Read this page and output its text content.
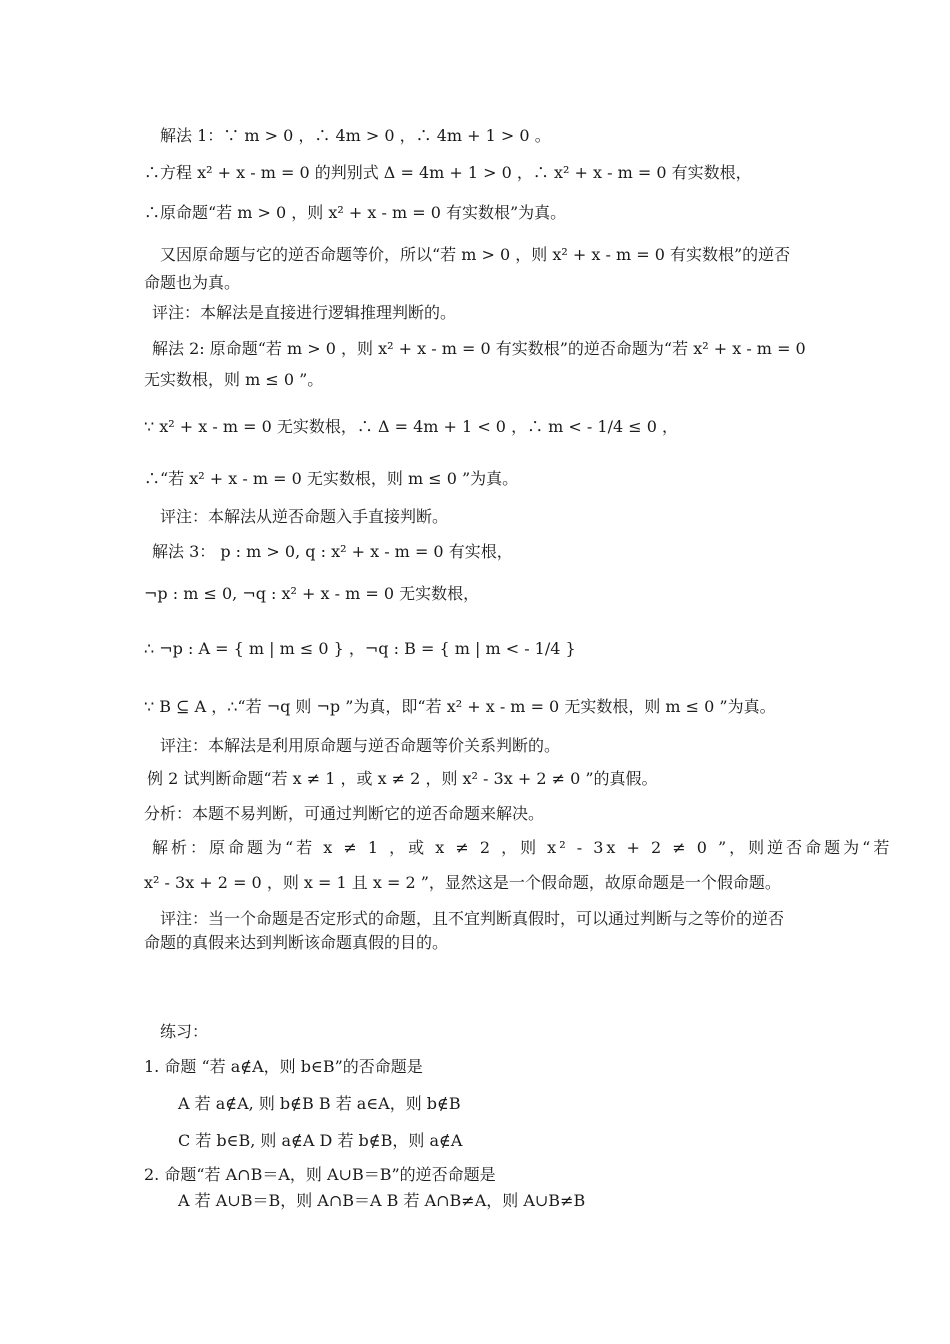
解法 1：∵ m > 0 ，∴ 4m > 0 ，∴ 4m + 1 > 0 。
∴方程 x² + x - m = 0 的判别式 Δ = 4m + 1 > 0 ，∴ x² + x - m = 0 有实数根，
∴原命题“若 m > 0 ，则 x² + x - m = 0 有实数根”为真。
又因原命题与它的逆否命题等价，所以“若 m > 0 ，则 x² + x - m = 0 有实数根”的逆否
命题也为真。
评注：本解法是直接进行逻辑推理判断的。
解法 2: 原命题“若 m > 0 ，则 x² + x - m = 0 有实数根”的逆否命题为“若 x² + x - m = 0
无实数根，则 m ≤ 0 ”。
∵ x² + x - m = 0 无实数根，∴ Δ = 4m + 1 < 0 ，∴ m < - 1/4 ≤ 0 ，
∴“若 x² + x - m = 0 无实数根，则 m ≤ 0 ”为真。
评注：本解法从逆否命题入手直接判断。
解法 3： p : m > 0, q : x² + x - m = 0 有实根，
¬p : m ≤ 0, ¬q : x² + x - m = 0 无实数根，
∴ ¬p : A = { m | m ≤ 0 } ，¬q : B = { m | m < - 1/4 }
∵ B ⊆ A ，∴“若 ¬q 则 ¬p ”为真，即“若 x² + x - m = 0 无实数根，则 m ≤ 0 ”为真。
评注：本解法是利用原命题与逆否命题等价关系判断的。
例 2 试判断命题“若 x ≠ 1 ，或 x ≠ 2 ，则 x² - 3x + 2 ≠ 0 ”的真假。
分析：本题不易判断，可通过判断它的逆否命题来解决。
解析：原命题为“若 x ≠ 1 ，或 x ≠ 2 ，则 x² - 3x + 2 ≠ 0 ”，则逆否命题为“若
x² - 3x + 2 = 0 ，则 x = 1 且 x = 2 ”，显然这是一个假命题，故原命题是一个假命题。
评注：当一个命题是否定形式的命题，且不宜判断真假时，可以通过判断与之等价的逆否
命题的真假来达到判断该命题真假的目的。
练习：
1. 命题 “若 a∉A，则 b∈B”的否命题是
A 若 a∉A, 则 b∉B B 若 a∈A，则 b∉B
C 若 b∈B, 则 a∉A D 若 b∉B，则 a∉A
2. 命题“若 A∩B＝A，则 A∪B＝B”的逆否命题是
A 若 A∪B＝B，则 A∩B＝A B 若 A∩B≠A，则 A∪B≠B
